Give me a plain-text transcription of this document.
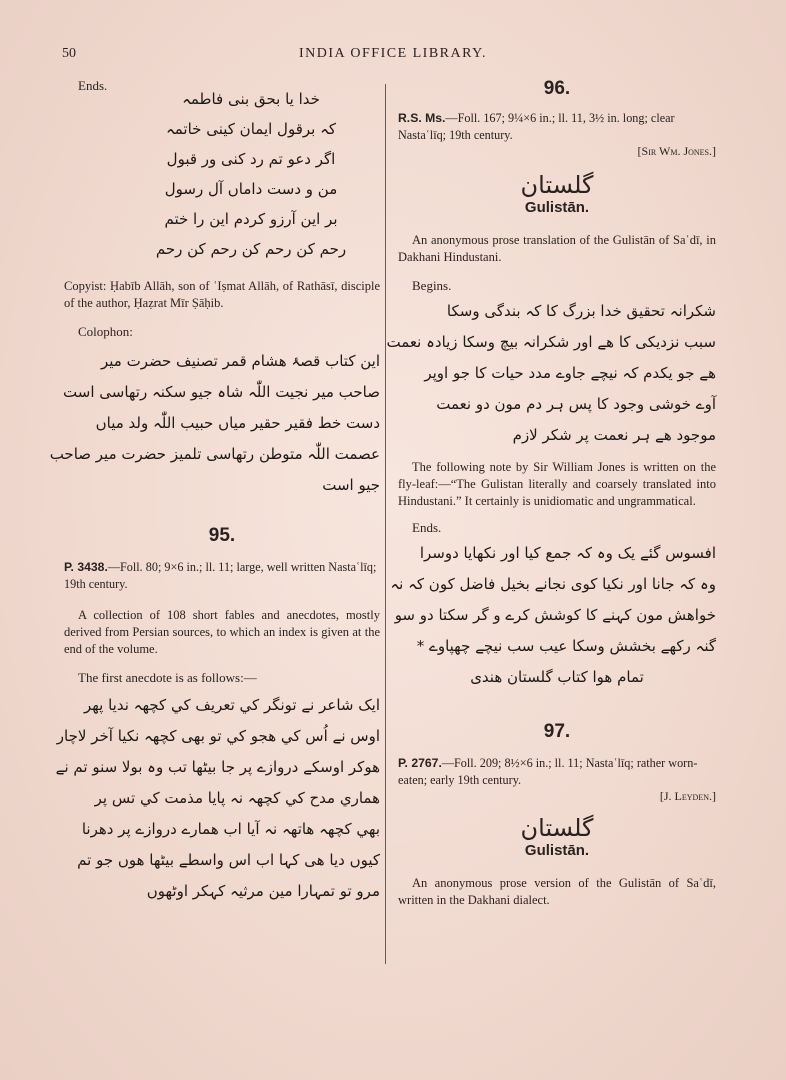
50	INDIA OFFICE LIBRARY.

Ends.

خدا یا بحق بنی فاطمہ

کہ برقول ایمان کینی خاتمہ

اگر دعو تم رد کنی ور قبول

من و دست داماں آل رسول

بر این آرزو کردم این را ختم

رحم کن رحم کن رحم کن رحم

Copyist: Ḥabīb Allāh, son of ʿIṣmat Allāh, of Rathāsī, disciple of the author, Ḥaẓrat Mīr Ṣāḥib.

Colophon:

این کتاب قصۂ هشام قمر تصنیف حضرت میر

صاحب میر نجیت اللّٰہ شاہ جیو سکنہ رتهاسی است

دست خط فقیر حقیر میاں حبیب اللّٰہ ولد میاں

عصمت اللّٰہ متوطن رتهاسی تلمیز حضرت میر صاحب

جیو است

95.

P. 3438.—Foll. 80; 9×6 in.; ll. 11; large, well written Nastaʿlīq; 19th century.

A collection of 108 short fables and anecdotes, mostly derived from Persian sources, to which an index is given at the end of the volume.

The first anecdote is as follows:—

ایک شاعر نے تونگر کي تعریف کي کچھہ ندیا پھر

اوس نے اُس کي هجو کي تو بھی کچھہ نکیا آخر لاچار

ھوکر اوسکے دروازے پر جا بیٹھا تب وہ بولا سنو تم نے

ھماري مدح کي کچھہ نہ پایا مذمت کي تس پر

بھي کچھہ ھاتھہ نہ آیا اب ھمارے دروازے پر دھرنا

کیوں دیا ھی کہا اب اس واسطے بیٹھا ھوں جو تم

مرو تو تمہارا مین مرثیہ کہکر اوٹھوں

96.

R.S. Ms.—Foll. 167; 9¼×6 in.; ll. 11, 3½ in. long; clear Nastaʿlīq; 19th century.

[Sir Wm. Jones.]

گلستان

Gulistān.

An anonymous prose translation of the Gulistān of Saʿdī, in Dakhani Hindustani.

Begins.

شکرانہ تحقیق خدا بزرگ کا کہ بندگی وسکا

سبب نزدیکی کا ھے اور شکرانہ بیچ وسکا زیادہ نعمت

ھے جو یکدم کہ نیچے جاوے مدد حیات کا جو اوپر

آوے خوشی وجود کا پس ہر دم مون دو نعمت

موجود ھے ہر نعمت پر شکر لازم

The following note by Sir William Jones is written on the fly-leaf:—“The Gulistan literally and coarsely translated into Hindustani.” It certainly is unidiomatic and ungrammatical.

Ends.

افسوس گئے یک وہ کہ جمع کیا اور نکھایا دوسرا

وہ کہ جانا اور نکیا کوی نجانے بخیل فاضل کون کہ نہ

خواهش مون کہنے کا کوشش کرے و گر سکتا دو سو

گنہ رکھے بخشش وسکا عیب سب نیچے چھپاوے *

تمام ھوا کتاب گلستان ھندی

97.

P. 2767.—Foll. 209; 8½×6 in.; ll. 11; Nastaʿlīq; rather worn-eaten; early 19th century.

[J. Leyden.]

گلستان

Gulistān.

An anonymous prose version of the Gulistān of Saʿdī, written in the Dakhani dialect.
